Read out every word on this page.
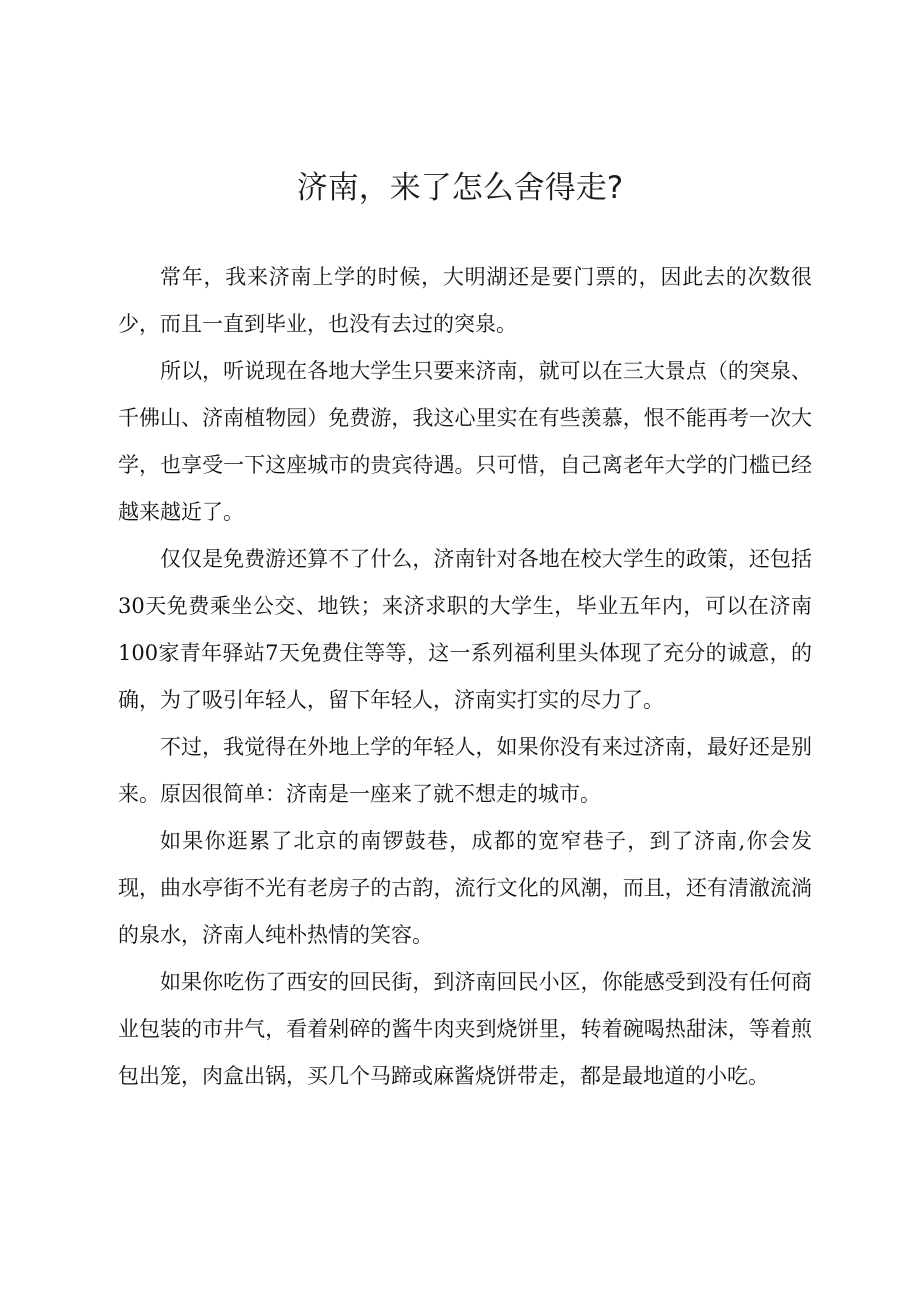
济南，来了怎么舍得走?

常年，我来济南上学的时候，大明湖还是要门票的，因此去的次数很少，而且一直到毕业，也没有去过的突泉。

所以，听说现在各地大学生只要来济南，就可以在三大景点（的突泉、千佛山、济南植物园）免费游，我这心里实在有些羡慕，恨不能再考一次大学，也享受一下这座城市的贵宾待遇。只可惜，自己离老年大学的门槛已经越来越近了。

仅仅是免费游还算不了什么，济南针对各地在校大学生的政策，还包括30天免费乘坐公交、地铁；来济求职的大学生，毕业五年内，可以在济南100家青年驿站7天免费住等等，这一系列福利里头体现了充分的诚意，的确，为了吸引年轻人，留下年轻人，济南实打实的尽力了。

不过，我觉得在外地上学的年轻人，如果你没有来过济南，最好还是别来。原因很简单：济南是一座来了就不想走的城市。

如果你逛累了北京的南锣鼓巷，成都的宽窄巷子，到了济南,你会发现，曲水亭街不光有老房子的古韵，流行文化的风潮，而且，还有清澈流淌的泉水，济南人纯朴热情的笑容。

如果你吃伤了西安的回民街，到济南回民小区，你能感受到没有任何商业包装的市井气，看着剁碎的酱牛肉夹到烧饼里，转着碗喝热甜沫，等着煎包出笼，肉盒出锅，买几个马蹄或麻酱烧饼带走，都是最地道的小吃。
